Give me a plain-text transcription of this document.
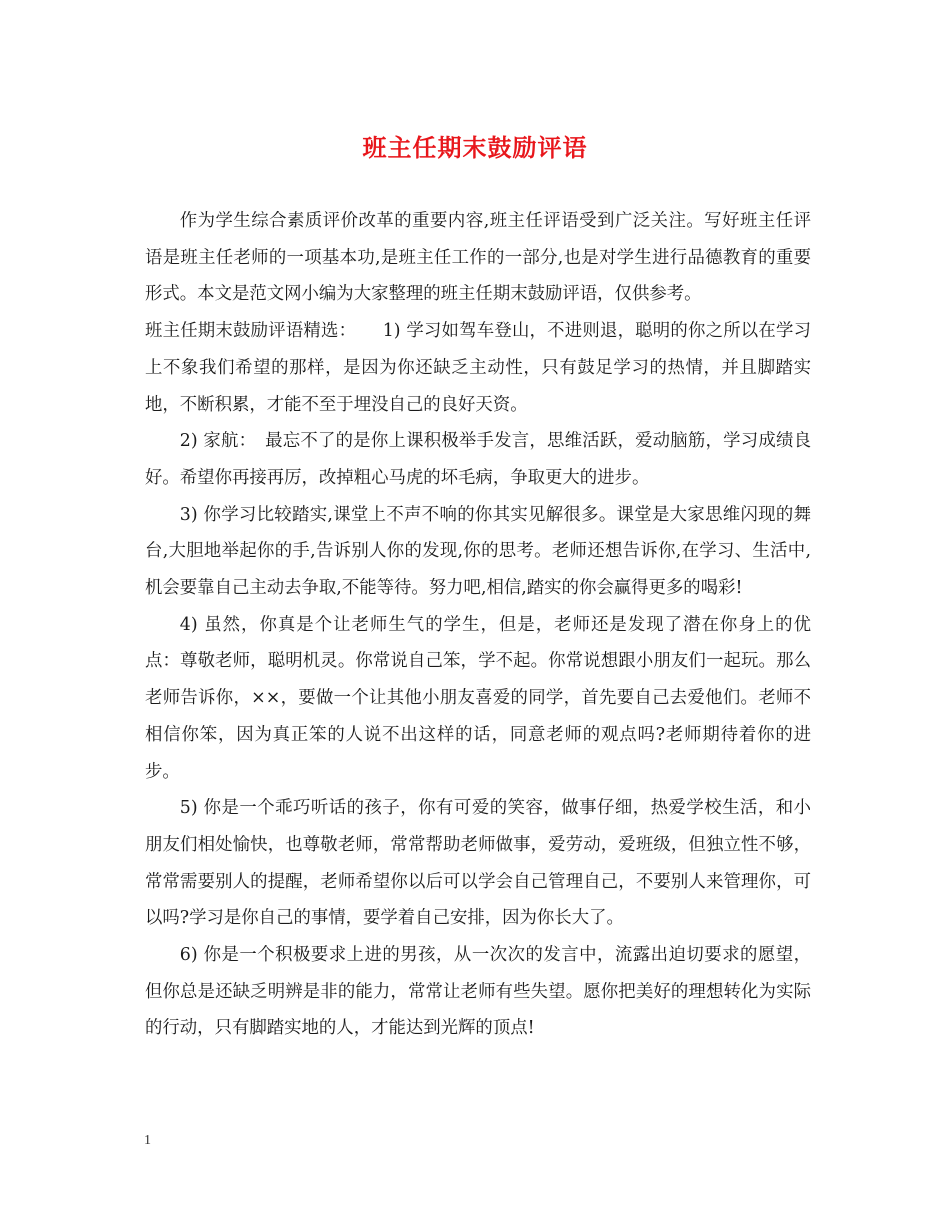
班主任期末鼓励评语

作为学生综合素质评价改革的重要内容,班主任评语受到广泛关注。写好班主任评语是班主任老师的一项基本功,是班主任工作的一部分,也是对学生进行品德教育的重要形式。本文是范文网小编为大家整理的班主任期末鼓励评语，仅供参考。

班主任期末鼓励评语精选：　　1) 学习如驾车登山，不进则退，聪明的你之所以在学习上不象我们希望的那样，是因为你还缺乏主动性，只有鼓足学习的热情，并且脚踏实地，不断积累，才能不至于埋没自己的良好天资。

2) 家航：　最忘不了的是你上课积极举手发言，思维活跃，爱动脑筋，学习成绩良好。希望你再接再厉，改掉粗心马虎的坏毛病，争取更大的进步。

3) 你学习比较踏实,课堂上不声不响的你其实见解很多。课堂是大家思维闪现的舞台,大胆地举起你的手,告诉别人你的发现,你的思考。老师还想告诉你,在学习、生活中,机会要靠自己主动去争取,不能等待。努力吧,相信,踏实的你会赢得更多的喝彩!

4) 虽然，你真是个让老师生气的学生，但是，老师还是发现了潜在你身上的优点：尊敬老师，聪明机灵。你常说自己笨，学不起。你常说想跟小朋友们一起玩。那么老师告诉你，××，要做一个让其他小朋友喜爱的同学，首先要自己去爱他们。老师不相信你笨，因为真正笨的人说不出这样的话，同意老师的观点吗?老师期待着你的进步。

5) 你是一个乖巧听话的孩子，你有可爱的笑容，做事仔细，热爱学校生活，和小朋友们相处愉快，也尊敬老师，常常帮助老师做事，爱劳动，爱班级，但独立性不够，常常需要别人的提醒，老师希望你以后可以学会自己管理自己，不要别人来管理你，可以吗?学习是你自己的事情，要学着自己安排，因为你长大了。

6) 你是一个积极要求上进的男孩，从一次次的发言中，流露出迫切要求的愿望，但你总是还缺乏明辨是非的能力，常常让老师有些失望。愿你把美好的理想转化为实际的行动，只有脚踏实地的人，才能达到光辉的顶点!

1
